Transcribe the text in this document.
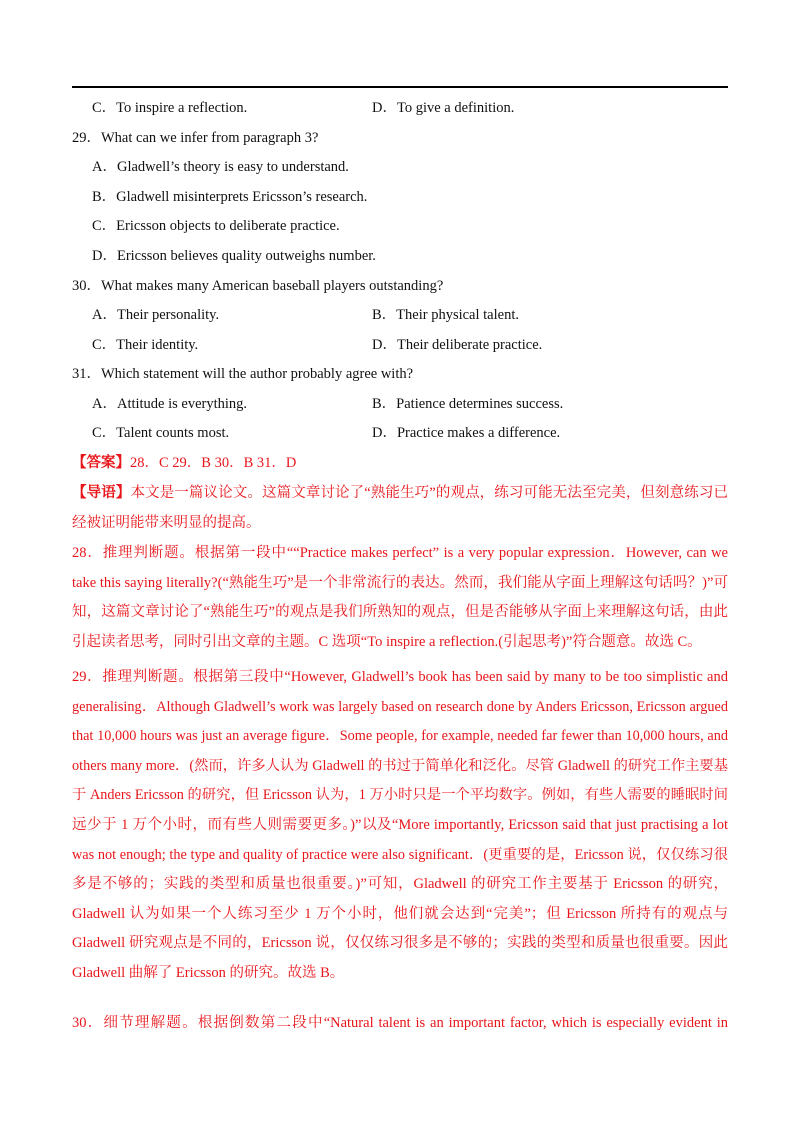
C．To inspire a reflection.	D．To give a definition.
29．What can we infer from paragraph 3?
A．Gladwell’s theory is easy to understand.
B．Gladwell misinterprets Ericsson’s research.
C．Ericsson objects to deliberate practice.
D．Ericsson believes quality outweighs number.
30．What makes many American baseball players outstanding?
A．Their personality.	B．Their physical talent.
C．Their identity.	D．Their deliberate practice.
31．Which statement will the author probably agree with?
A．Attitude is everything.	B．Patience determines success.
C．Talent counts most.	D．Practice makes a difference.
【答案】28．C 29．B 30．B 31．D
【导语】本文是一篇议论文。这篇文章讨论了“熟能生巧”的观点，练习可能无法至完美，但刻意练习已
经被证明能带来明显的提高。
28．推理判断题。根据第一段中““Practice makes perfect” is a very popular expression．However, can we
take this saying literally?(“熟能生巧”是一个非常流行的表达。然而，我们能从字面上理解这句话吗？)”可
知，这篇文章讨论了“熟能生巧”的观点是我们所熟知的观点，但是否能够从字面上来理解这句话，由此
引起读者思考，同时引出文章的主题。C 选项“To inspire a reflection.(引起思考)”符合题意。故选 C。
29．推理判断题。根据第三段中“However, Gladwell’s book has been said by many to be too simplistic and
generalising．Although Gladwell’s work was largely based on research done by Anders Ericsson, Ericsson argued
that 10,000 hours was just an average figure．Some people, for example, needed far fewer than 10,000 hours, and
others many more．(然而，许多人认为 Gladwell 的书过于简单化和泛化。尽管 Gladwell 的研究工作主要基
于 Anders Ericsson 的研究，但 Ericsson 认为，1 万小时只是一个平均数字。例如，有些人需要的睡眠时间
远少于 1 万个小时，而有些人则需要更多。)”以及“More importantly, Ericsson said that just practising a lot
was not enough; the type and quality of practice were also significant．(更重要的是，Ericsson 说，仅仅练习很
多是不够的；实践的类型和质量也很重要。)”可知，Gladwell 的研究工作主要基于 Ericsson 的研究，
Gladwell 认为如果一个人练习至少 1 万个小时，他们就会达到“完美”；但 Ericsson 所持有的观点与
Gladwell 研究观点是不同的，Ericsson 说，仅仅练习很多是不够的；实践的类型和质量也很重要。因此
Gladwell 曲解了 Ericsson 的研究。故选 B。
30．细节理解题。根据倒数第二段中“Natural talent is an important factor, which is especially evident in
